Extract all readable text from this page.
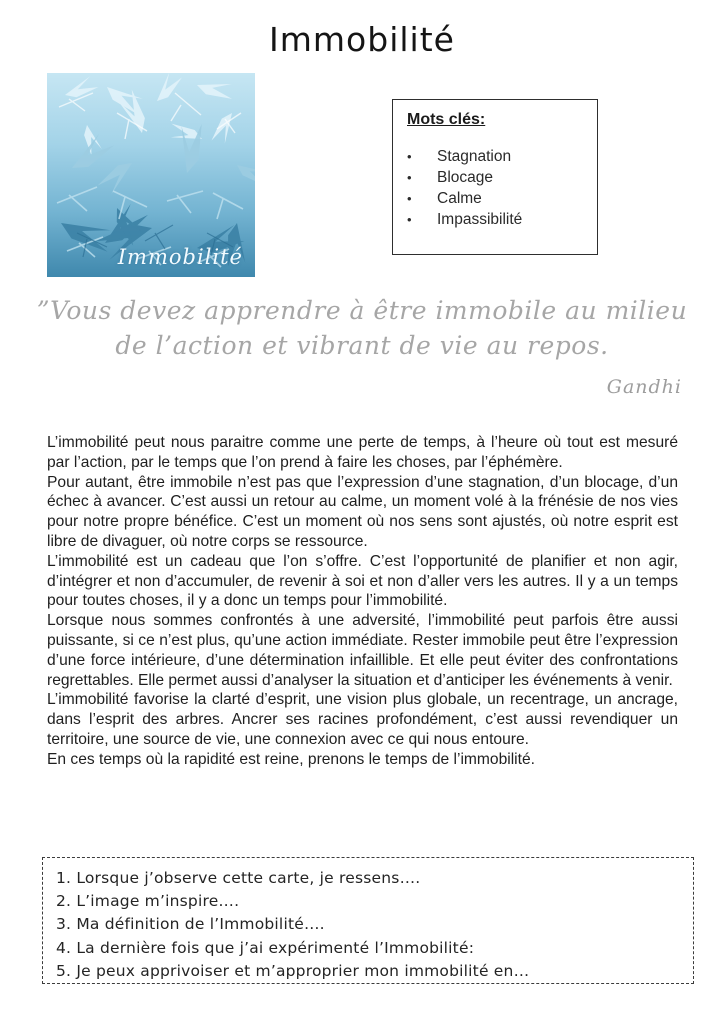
Immobilité
Immobilité
Mots clés:
•	Stagnation
•	Blocage
•	Calme
•	Impassibilité
”Vous devez apprendre à être immobile au milieu de l’action et vibrant de vie au repos.
Gandhi

L’immobilité peut nous paraitre comme une perte de temps, à l’heure où tout est mesuré par l’action, par le temps que l’on prend à faire les choses, par l’éphémère.

Pour autant, être immobile n’est pas que l’expression d’une stagnation, d’un blocage, d’un échec à avancer. C’est aussi un retour au calme, un moment volé à la frénésie de nos vies pour notre propre bénéfice. C’est un moment où nos sens sont ajustés, où notre esprit est libre de divaguer, où notre corps se ressource.

L’immobilité est un cadeau que l’on s’offre. C’est l’opportunité de planifier et non agir, d’intégrer et non d’accumuler, de revenir à soi et non d’aller vers les autres. Il y a un temps pour toutes choses, il y a donc un temps pour l’immobilité.

Lorsque nous sommes confrontés à une adversité, l’immobilité peut parfois être aussi puissante, si ce n’est plus, qu’une action immédiate. Rester immobile peut être l’expression d’une force intérieure, d’une détermination infaillible. Et elle peut éviter des confrontations regrettables. Elle permet aussi d’analyser la situation et d’anticiper les événements à venir.

L’immobilité favorise la clarté d’esprit, une vision plus globale, un recentrage, un ancrage, dans l’esprit des arbres. Ancrer ses racines profondément, c’est aussi revendiquer un territoire, une source de vie, une connexion avec ce qui nous entoure.

En ces temps où la rapidité est reine, prenons le temps de l’immobilité.

1. Lorsque j’observe cette carte, je ressens….
2. L’image m’inspire….
3. Ma définition de l’Immobilité….
4. La dernière fois que j’ai expérimenté l’Immobilité:
5. Je peux apprivoiser et m’approprier mon immobilité en…
